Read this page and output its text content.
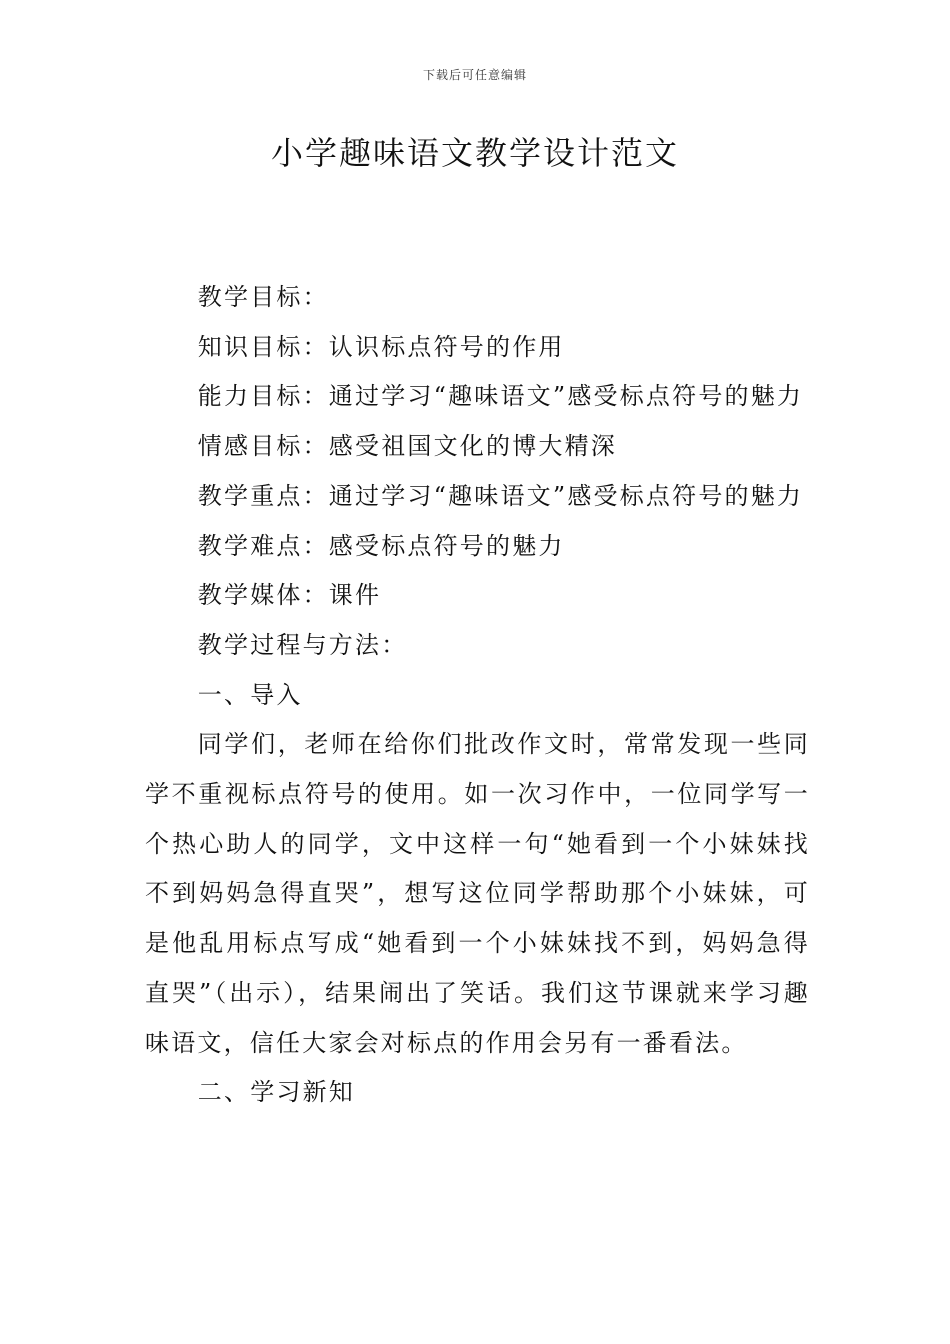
下载后可任意编辑
小学趣味语文教学设计范文

教学目标：

知识目标：认识标点符号的作用

能力目标：通过学习“趣味语文”感受标点符号的魅力

情感目标：感受祖国文化的博大精深

教学重点：通过学习“趣味语文”感受标点符号的魅力

教学难点：感受标点符号的魅力

教学媒体：课件

教学过程与方法：

一、导入

同学们，老师在给你们批改作文时，常常发现一些同学不重视标点符号的使用。如一次习作中，一位同学写一个热心助人的同学，文中这样一句“她看到一个小妹妹找不到妈妈急得直哭”，想写这位同学帮助那个小妹妹，可是他乱用标点写成“她看到一个小妹妹找不到，妈妈急得直哭”（出示），结果闹出了笑话。我们这节课就来学习趣味语文，信任大家会对标点的作用会另有一番看法。

二、学习新知
